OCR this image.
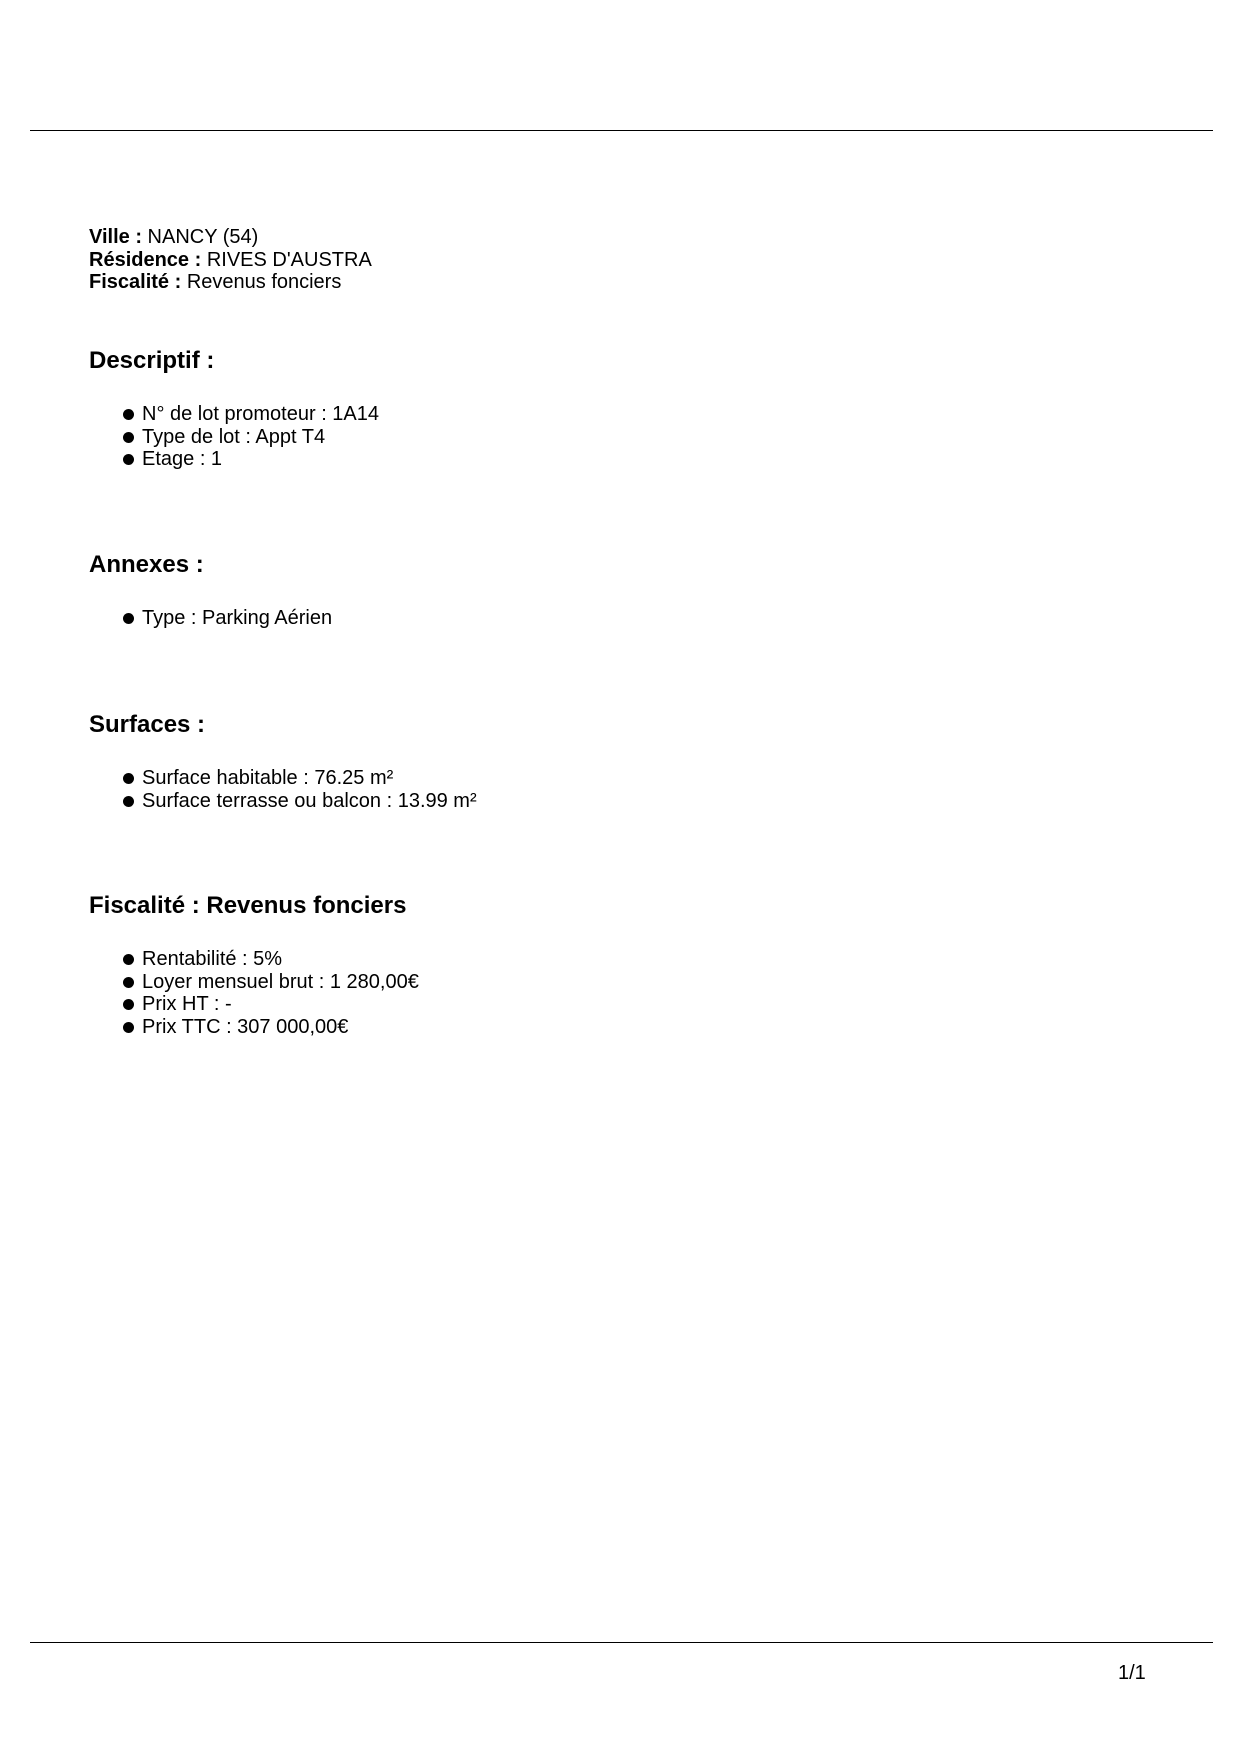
Ville : NANCY (54)
Résidence : RIVES D'AUSTRA
Fiscalité : Revenus fonciers
Descriptif :
N° de lot promoteur : 1A14
Type de lot : Appt T4
Etage : 1
Annexes :
Type : Parking Aérien
Surfaces :
Surface habitable : 76.25 m²
Surface terrasse ou balcon : 13.99 m²
Fiscalité : Revenus fonciers
Rentabilité : 5%
Loyer mensuel brut : 1 280,00€
Prix HT : -
Prix TTC : 307 000,00€
1/1
